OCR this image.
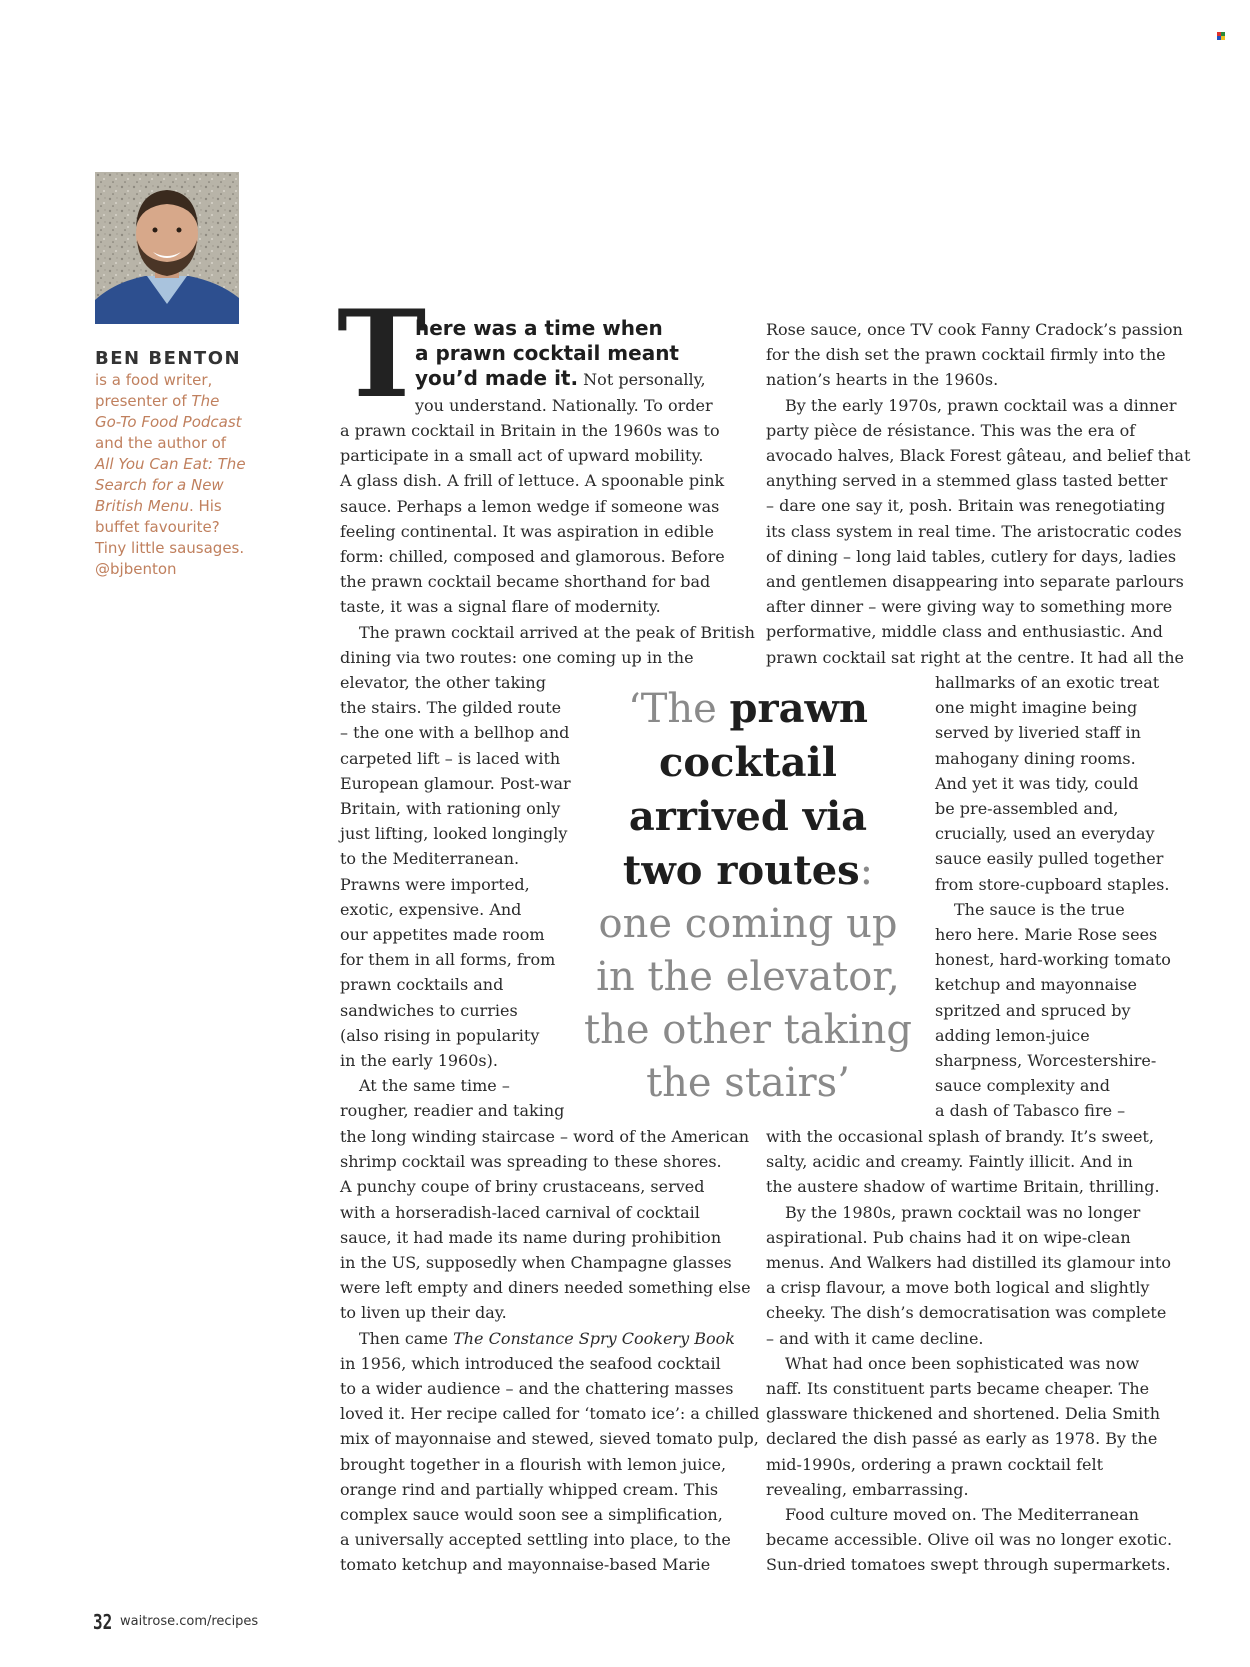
BEN BENTON

is a food writer,
presenter of The
Go-To Food Podcast
and the author of
All You Can Eat: The
Search for a New
British Menu. His
buffet favourite?
Tiny little sausages.
@bjbenton

T

here was a time when
a prawn cocktail meant
you’d made it. Not personally,
you understand. Nationally. To order
a prawn cocktail in Britain in the 1960s was to
participate in a small act of upward mobility.
A glass dish. A frill of lettuce. A spoonable pink
sauce. Perhaps a lemon wedge if someone was
feeling continental. It was aspiration in edible
form: chilled, composed and glamorous. Before
the prawn cocktail became shorthand for bad
taste, it was a signal flare of modernity.
The prawn cocktail arrived at the peak of British
dining via two routes: one coming up in the
elevator, the other taking
the stairs. The gilded route
– the one with a bellhop and
carpeted lift – is laced with
European glamour. Post-war
Britain, with rationing only
just lifting, looked longingly
to the Mediterranean.
Prawns were imported,
exotic, expensive. And
our appetites made room
for them in all forms, from
prawn cocktails and
sandwiches to curries
(also rising in popularity
in the early 1960s).
At the same time –
rougher, readier and taking
the long winding staircase – word of the American
shrimp cocktail was spreading to these shores.
A punchy coupe of briny crustaceans, served
with a horseradish-laced carnival of cocktail
sauce, it had made its name during prohibition
in the US, supposedly when Champagne glasses
were left empty and diners needed something else
to liven up their day.
Then came The Constance Spry Cookery Book
in 1956, which introduced the seafood cocktail
to a wider audience – and the chattering masses
loved it. Her recipe called for ‘tomato ice’: a chilled
mix of mayonnaise and stewed, sieved tomato pulp,
brought together in a flourish with lemon juice,
orange rind and partially whipped cream. This
complex sauce would soon see a simplification,
a universally accepted settling into place, to the
tomato ketchup and mayonnaise-based Marie
Rose sauce, once TV cook Fanny Cradock’s passion
for the dish set the prawn cocktail firmly into the
nation’s hearts in the 1960s.
By the early 1970s, prawn cocktail was a dinner
party pièce de résistance. This was the era of
avocado halves, Black Forest gâteau, and belief that
anything served in a stemmed glass tasted better
– dare one say it, posh. Britain was renegotiating
its class system in real time. The aristocratic codes
of dining – long laid tables, cutlery for days, ladies
and gentlemen disappearing into separate parlours
after dinner – were giving way to something more
performative, middle class and enthusiastic. And
prawn cocktail sat right at the centre. It had all the
hallmarks of an exotic treat
one might imagine being
served by liveried staff in
mahogany dining rooms.
And yet it was tidy, could
be pre-assembled and,
crucially, used an everyday
sauce easily pulled together
from store-cupboard staples.
The sauce is the true
hero here. Marie Rose sees
honest, hard-working tomato
ketchup and mayonnaise
spritzed and spruced by
adding lemon-juice
sharpness, Worcestershire-
sauce complexity and
a dash of Tabasco fire –
with the occasional splash of brandy. It’s sweet,
salty, acidic and creamy. Faintly illicit. And in
the austere shadow of wartime Britain, thrilling.
By the 1980s, prawn cocktail was no longer
aspirational. Pub chains had it on wipe-clean
menus. And Walkers had distilled its glamour into
a crisp flavour, a move both logical and slightly
cheeky. The dish’s democratisation was complete
– and with it came decline.
What had once been sophisticated was now
naff. Its constituent parts became cheaper. The
glassware thickened and shortened. Delia Smith
declared the dish passé as early as 1978. By the
mid-1990s, ordering a prawn cocktail felt
revealing, embarrassing.
Food culture moved on. The Mediterranean
became accessible. Olive oil was no longer exotic.
Sun-dried tomatoes swept through supermarkets.
‘The prawn
cocktail
arrived via
two routes:
one coming up
in the elevator,
the other taking
the stairs’

32 waitrose.com/recipes
